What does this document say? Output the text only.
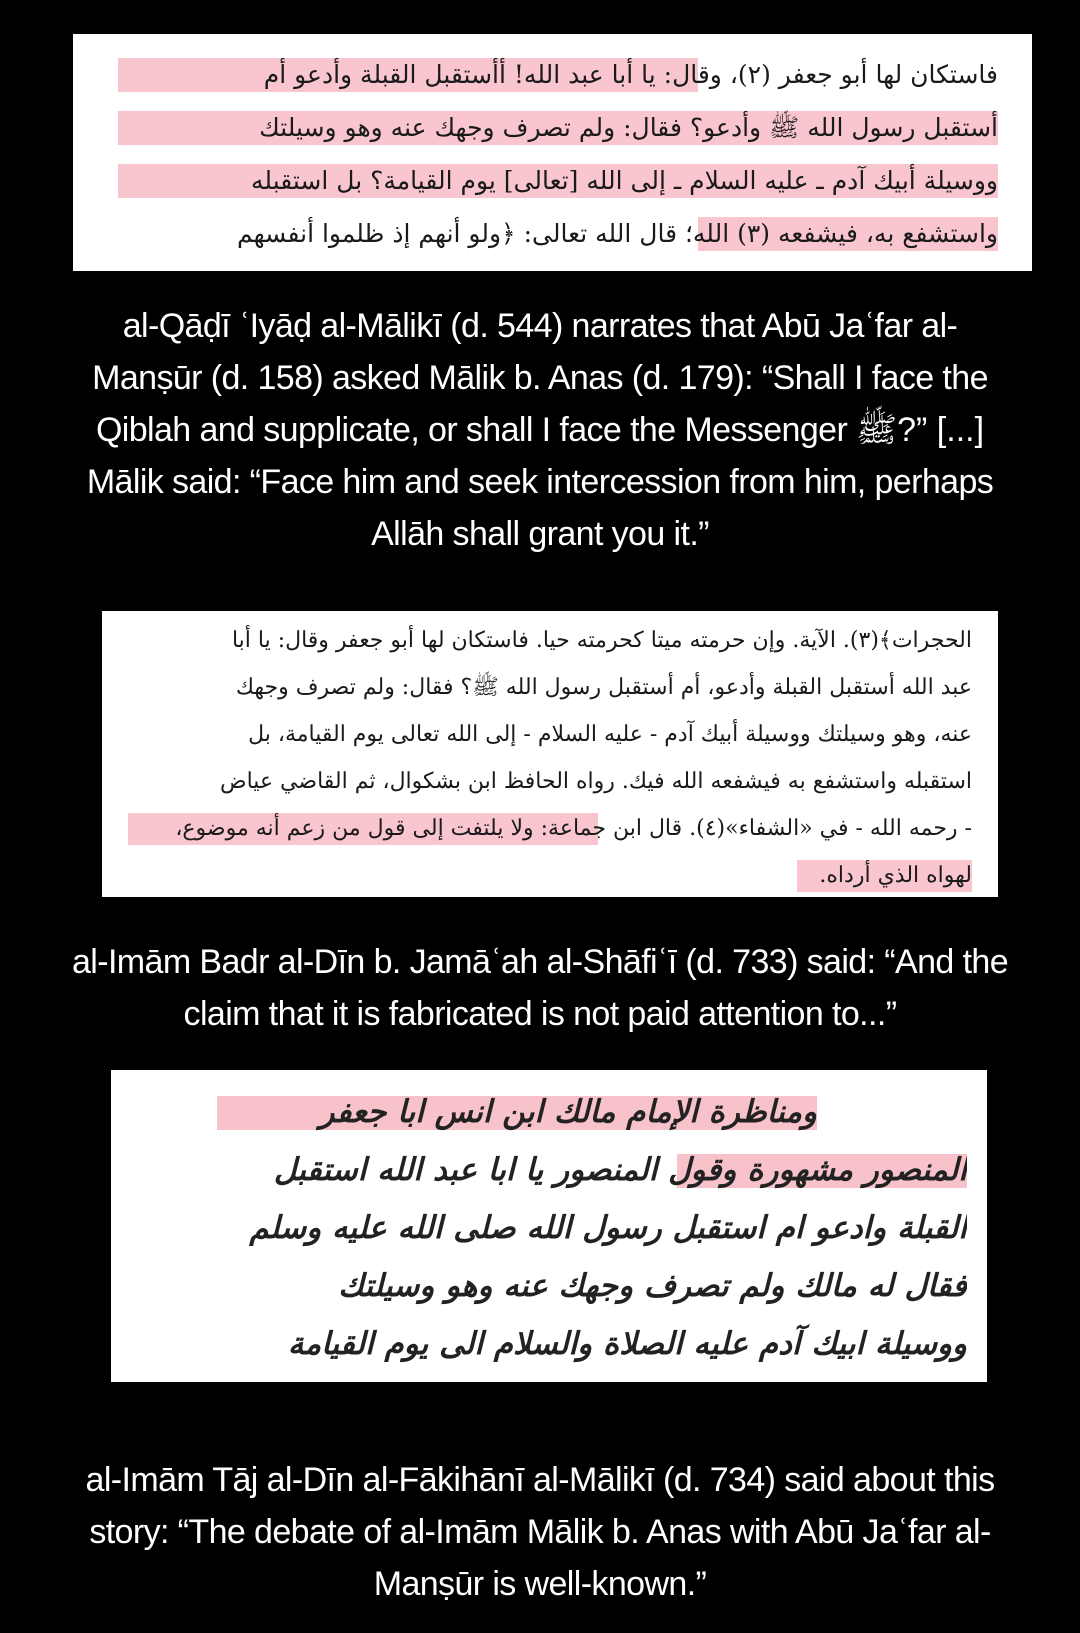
فاستكان لها أبو جعفر (٢)، وقال: يا أبا عبد الله! أأستقبل القبلة وأدعو أم
أستقبل رسول الله ﷺ وأدعو؟ فقال: ولم تصرف وجهك عنه وهو وسيلتك
ووسيلة أبيك آدم ـ عليه السلام ـ إلى الله [تعالى] يوم القيامة؟ بل استقبله
واستشفع به، فيشفعه (٣) الله؛ قال الله تعالى: ﴿ولو أنهم إذ ظلموا أنفسهم
al-Qāḍī ʿIyāḍ al-Mālikī (d. 544) narrates that Abū Jaʿfar al-Manṣūr (d. 158) asked Mālik b. Anas (d. 179): “Shall I face the Qiblah and supplicate, or shall I face the Messenger ﷺ?” [...] Mālik said: “Face him and seek intercession from him, perhaps Allāh shall grant you it.”
الحجرات﴾(٣). الآية. وإن حرمته ميتا كحرمته حيا. فاستكان لها أبو جعفر وقال: يا أبا
عبد الله أستقبل القبلة وأدعو، أم أستقبل رسول الله ﷺ؟ فقال: ولم تصرف وجهك
عنه، وهو وسيلتك ووسيلة أبيك آدم - عليه السلام - إلى الله تعالى يوم القيامة، بل
استقبله واستشفع به فيشفعه الله فيك. رواه الحافظ ابن بشكوال، ثم القاضي عياض
- رحمه الله - في «الشفاء»(٤). قال ابن جماعة: ولا يلتفت إلى قول من زعم أنه موضوع،
لهواه الذي أرداه.
al-Imām Badr al-Dīn b. Jamāʿah al-Shāfiʿī (d. 733) said: “And the claim that it is fabricated is not paid attention to...”
ومناظرة الإمام مالك ابن انس ابا جعفر
المنصور مشهورة وقول المنصور يا ابا عبد الله استقبل
القبلة وادعو ام استقبل رسول الله صلى الله عليه وسلم
فقال له مالك ولم تصرف وجهك عنه وهو وسيلتك
ووسيلة ابيك آدم عليه الصلاة والسلام الى يوم القيامة
al-Imām Tāj al-Dīn al-Fākihānī al-Mālikī (d. 734) said about this story: “The debate of al-Imām Mālik b. Anas with Abū Jaʿfar al-Manṣūr is well-known.”
